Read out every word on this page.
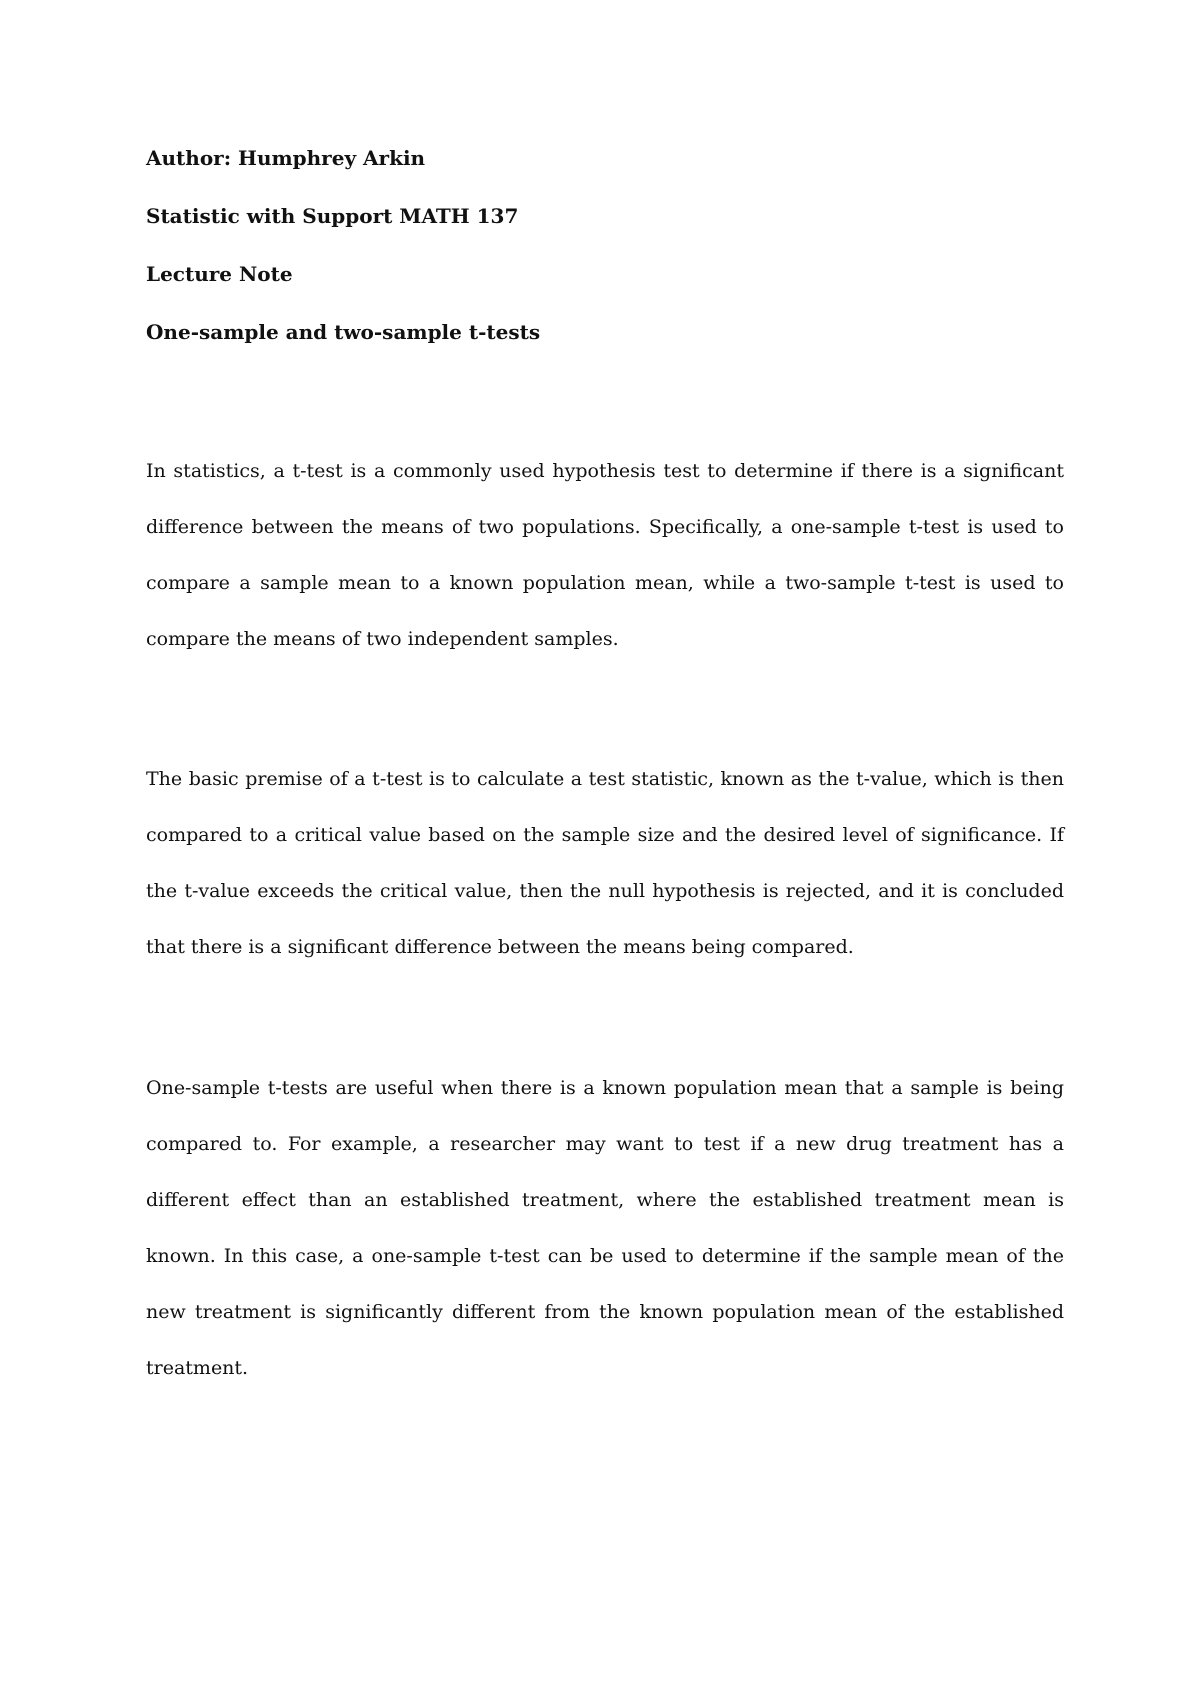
Author: Humphrey Arkin
Statistic with Support MATH 137
Lecture Note
One-sample and two-sample t-tests

In statistics, a t-test is a commonly used hypothesis test to determine if there is a significant difference between the means of two populations. Specifically, a one-sample t-test is used to compare a sample mean to a known population mean, while a two-sample t-test is used to compare the means of two independent samples.

The basic premise of a t-test is to calculate a test statistic, known as the t-value, which is then compared to a critical value based on the sample size and the desired level of significance. If the t-value exceeds the critical value, then the null hypothesis is rejected, and it is concluded that there is a significant difference between the means being compared.

One-sample t-tests are useful when there is a known population mean that a sample is being compared to. For example, a researcher may want to test if a new drug treatment has a different effect than an established treatment, where the established treatment mean is known. In this case, a one-sample t-test can be used to determine if the sample mean of the new treatment is significantly different from the known population mean of the established treatment.
